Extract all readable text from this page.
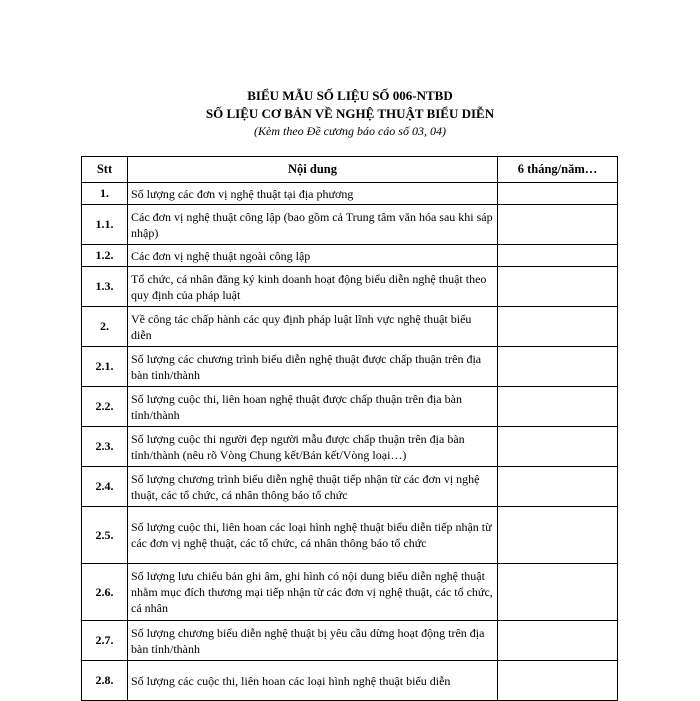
BIỂU MẪU SỐ LIỆU SỐ 006-NTBD
SỐ LIỆU CƠ BẢN VỀ NGHỆ THUẬT BIỂU DIỄN
(Kèm theo Đề cương báo cáo số 03, 04)
Stt	Nội dung	6 tháng/năm…
1.	Số lượng các đơn vị nghệ thuật tại địa phương	
1.1.	Các đơn vị nghệ thuật công lập (bao gồm cả Trung tâm văn hóa sau khi sáp nhập)	
1.2.	Các đơn vị nghệ thuật ngoài công lập	
1.3.	Tổ chức, cá nhân đăng ký kinh doanh hoạt động biểu diễn nghệ thuật theo quy định của pháp luật	
2.	Về công tác chấp hành các quy định pháp luật lĩnh vực nghệ thuật biểu diễn	
2.1.	Số lượng các chương trình biểu diễn nghệ thuật được chấp thuận trên địa bàn tỉnh/thành	
2.2.	Số lượng cuộc thi, liên hoan nghệ thuật được chấp thuận trên địa bàn tỉnh/thành	
2.3.	Số lượng cuộc thi người đẹp người mẫu được chấp thuận trên địa bàn tỉnh/thành (nêu rõ Vòng Chung kết/Bán kết/Vòng loại…)	
2.4.	Số lượng chương trình biểu diễn nghệ thuật tiếp nhận từ các đơn vị nghệ thuật, các tổ chức, cá nhân thông báo tổ chức	
2.5.	Số lượng cuộc thi, liên hoan các loại hình nghệ thuật biểu diễn tiếp nhận từ các đơn vị nghệ thuật, các tổ chức, cá nhân thông báo tổ chức	
2.6.	Số lượng lưu chiểu bản ghi âm, ghi hình có nội dung biểu diễn nghệ thuật nhằm mục đích thương mại tiếp nhận từ các đơn vị nghệ thuật, các tổ chức, cá nhân	
2.7.	Số lượng chương biểu diễn nghệ thuật bị yêu cầu dừng hoạt động trên địa bàn tỉnh/thành	
2.8.	Số lượng các cuộc thi, liên hoan các loại hình nghệ thuật biểu diễn	
